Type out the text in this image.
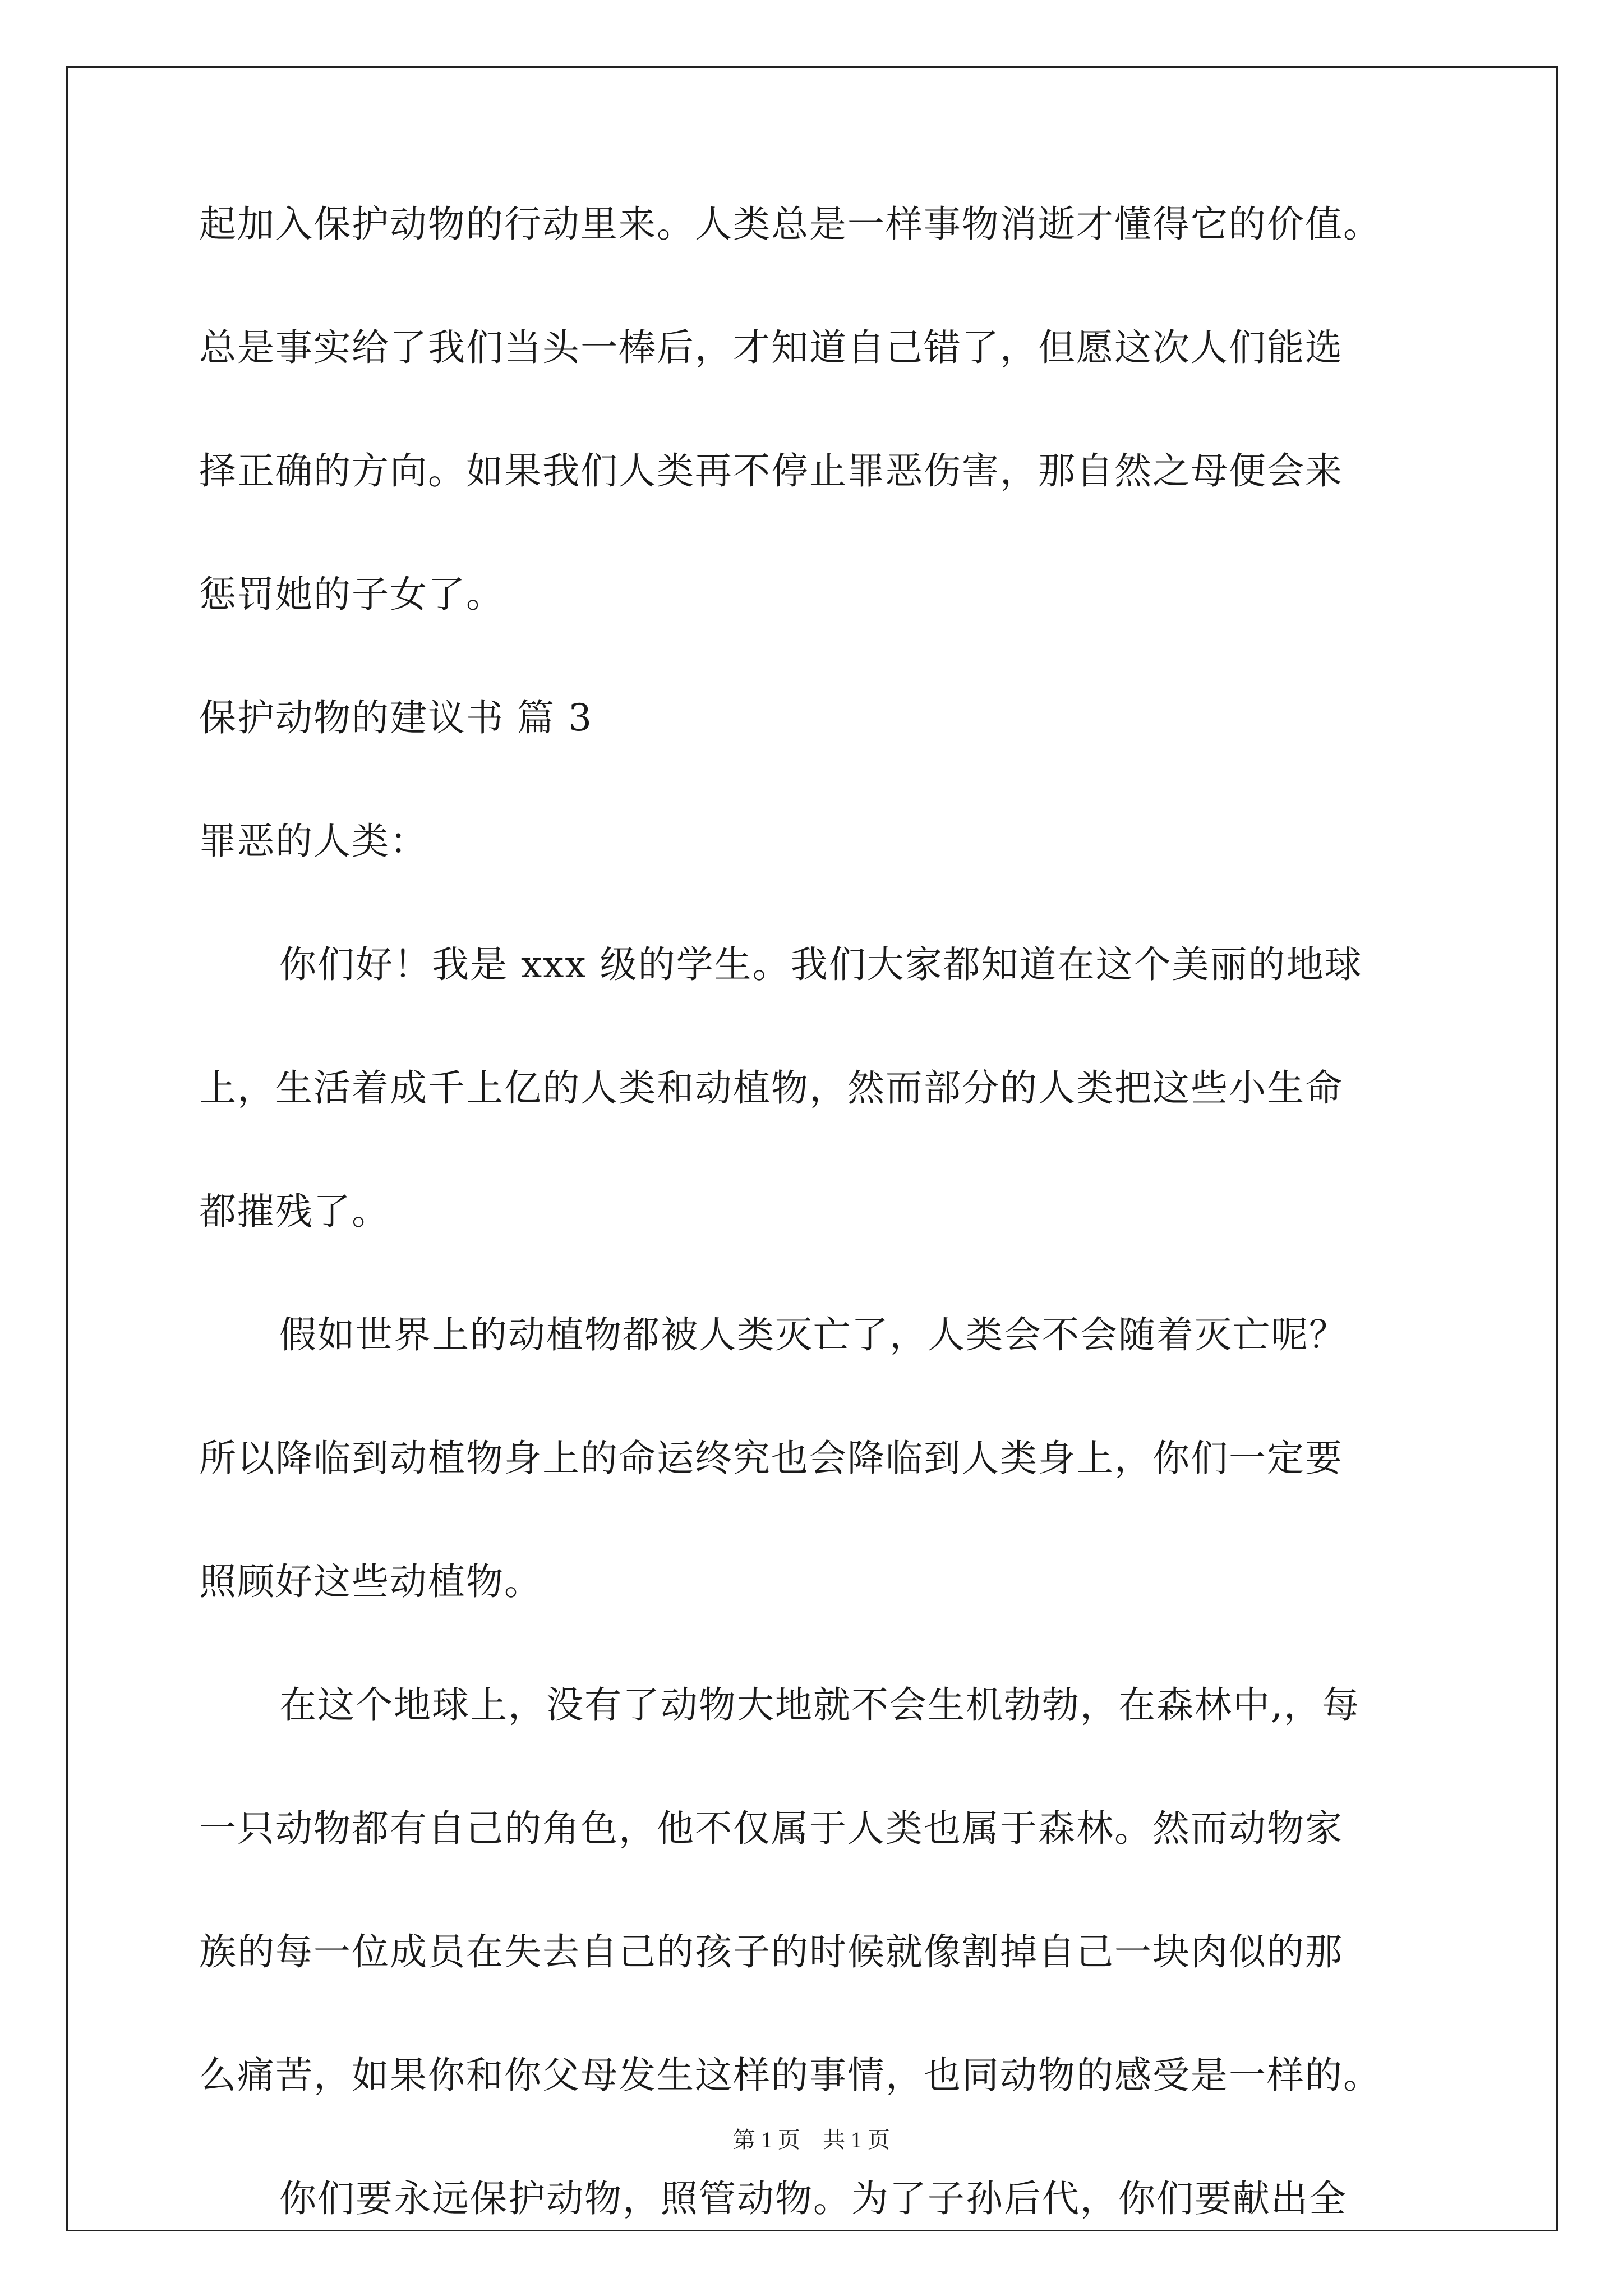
起加入保护动物的行动里来。人类总是一样事物消逝才懂得它的价值。
总是事实给了我们当头一棒后，才知道自己错了，但愿这次人们能选
择正确的方向。如果我们人类再不停止罪恶伤害，那自然之母便会来
惩罚她的子女了。
保护动物的建议书 篇 3
罪恶的人类：
你们好！我是 xxx 级的学生。我们大家都知道在这个美丽的地球
上，生活着成千上亿的人类和动植物，然而部分的人类把这些小生命
都摧残了。
假如世界上的动植物都被人类灭亡了，人类会不会随着灭亡呢？
所以降临到动植物身上的命运终究也会降临到人类身上，你们一定要
照顾好这些动植物。
在这个地球上，没有了动物大地就不会生机勃勃，在森林中,，每
一只动物都有自己的角色，他不仅属于人类也属于森林。然而动物家
族的每一位成员在失去自己的孩子的时候就像割掉自己一块肉似的那
么痛苦，如果你和你父母发生这样的事情，也同动物的感受是一样的。
你们要永远保护动物，照管动物。为了子孙后代，你们要献出全
第 1 页 共 1 页
